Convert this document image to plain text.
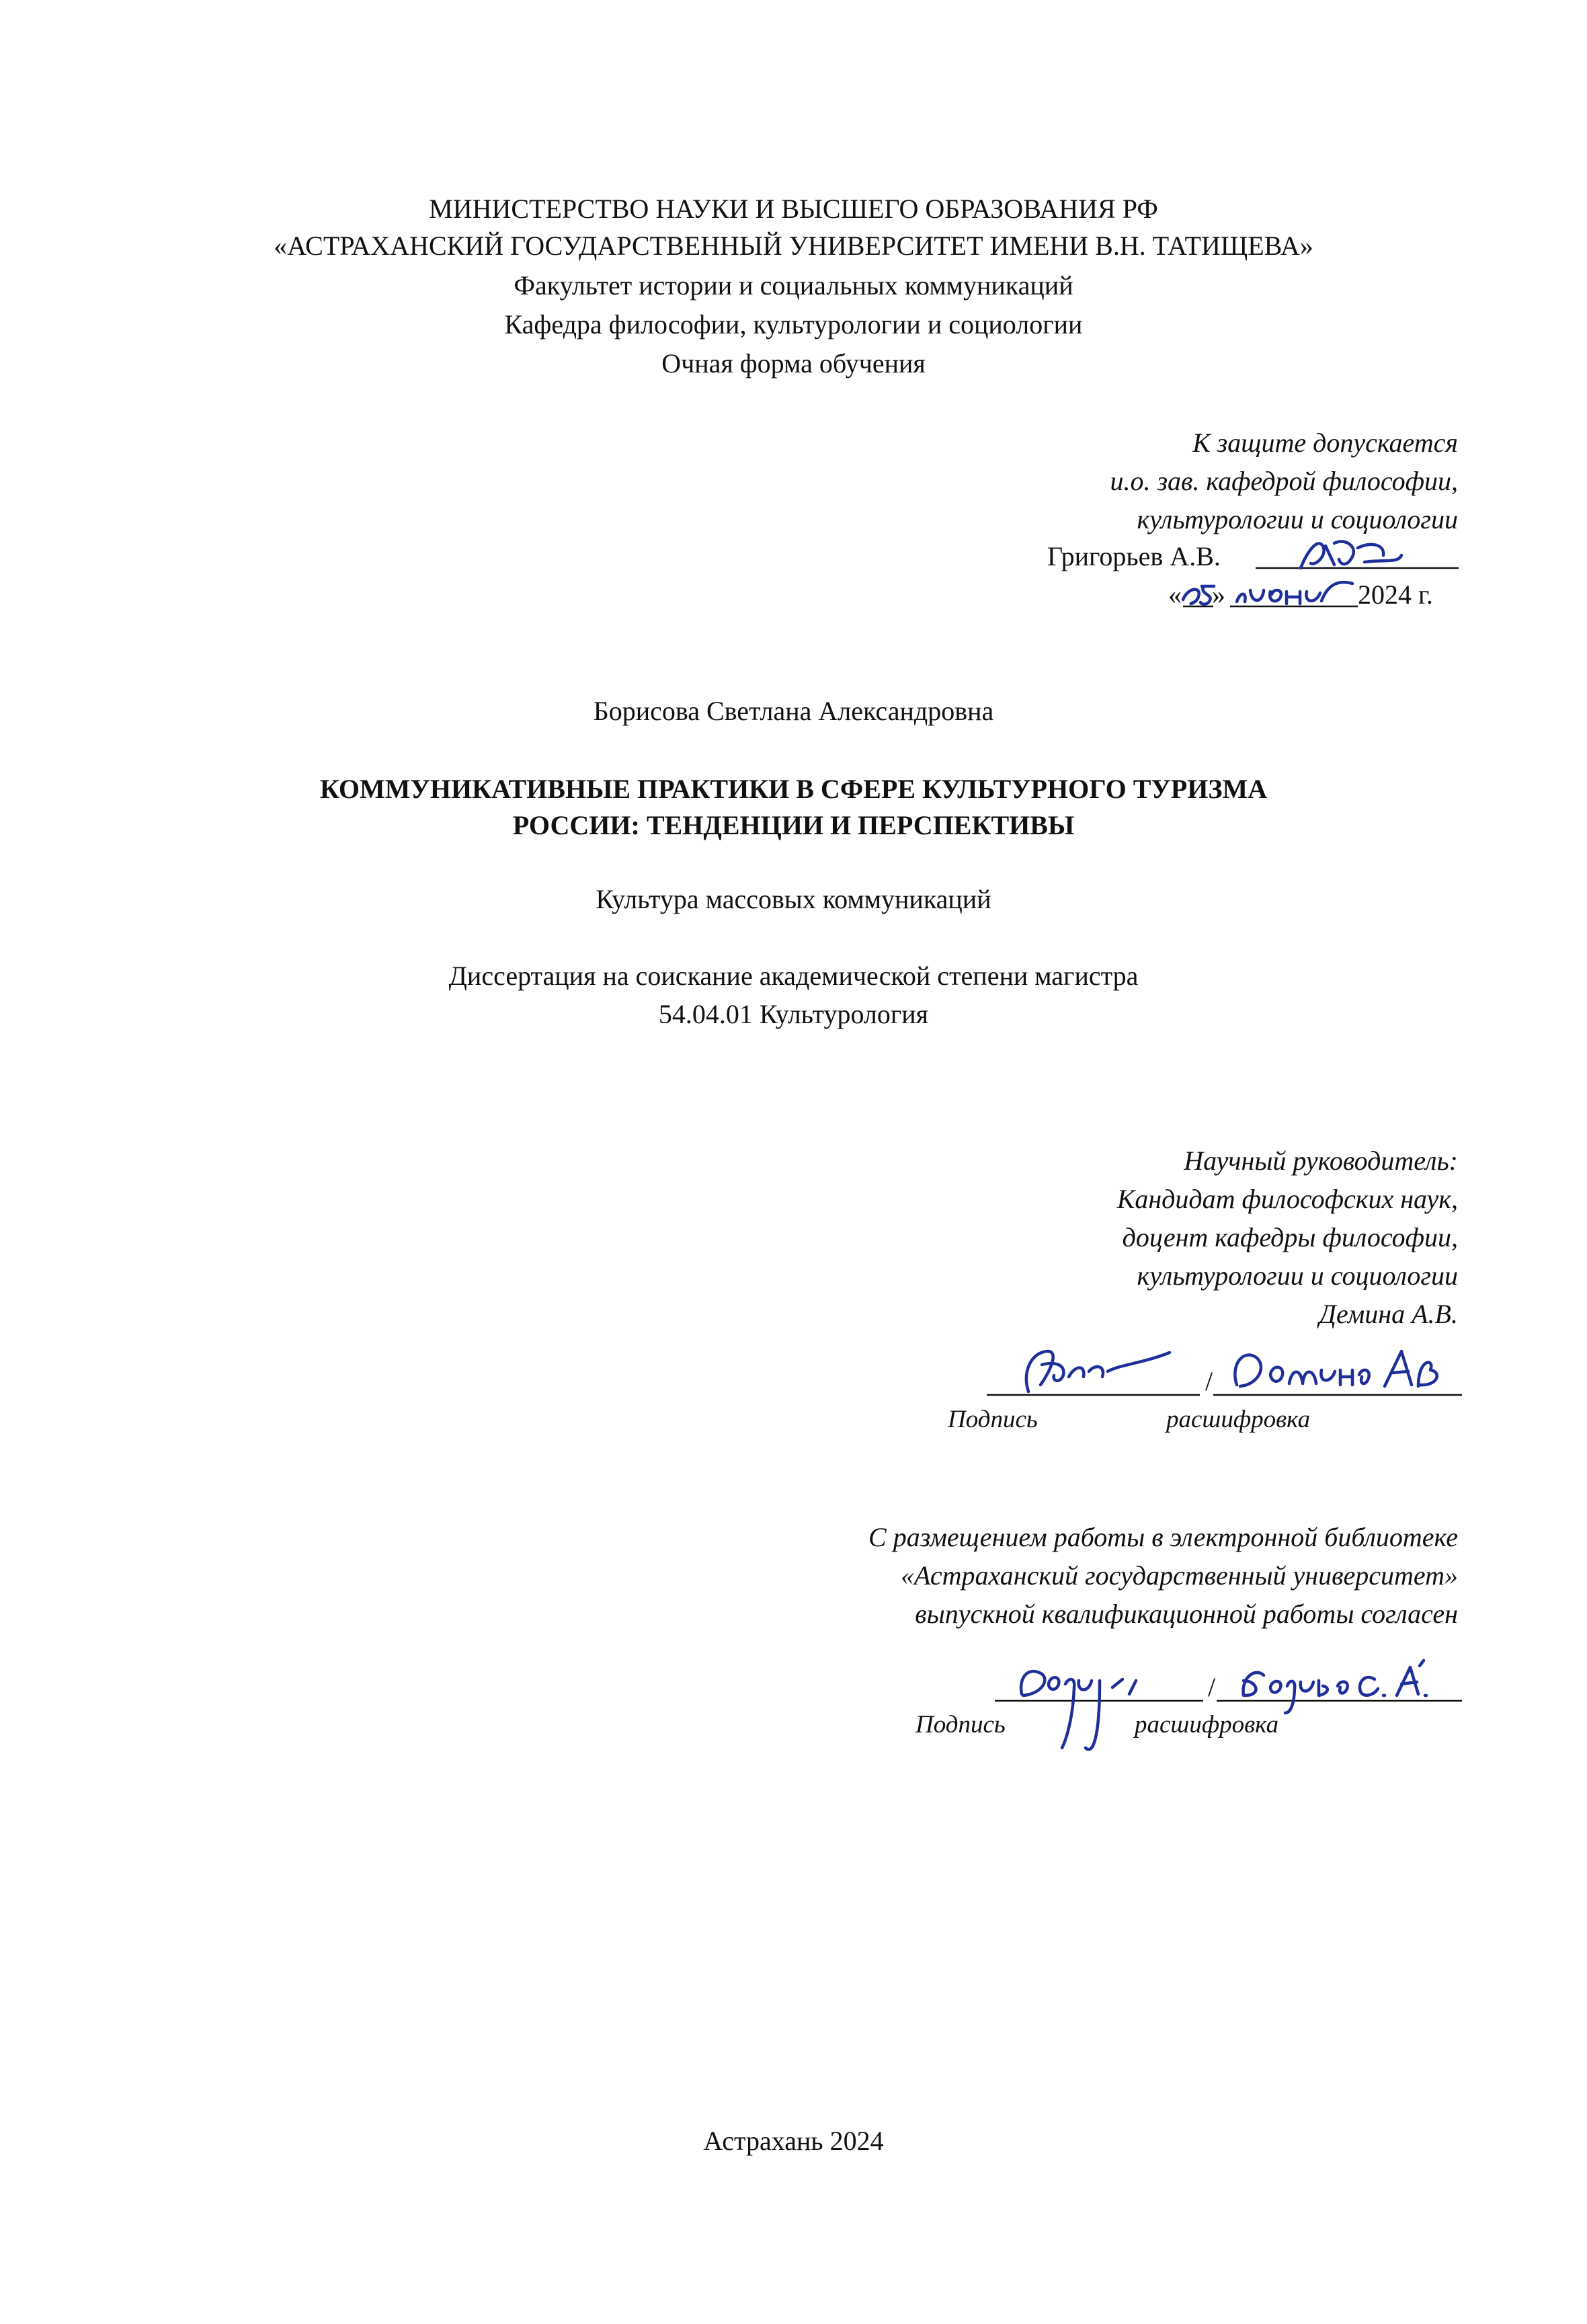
МИНИСТЕРСТВО НАУКИ И ВЫСШЕГО ОБРАЗОВАНИЯ РФ
«АСТРАХАНСКИЙ ГОСУДАРСТВЕННЫЙ УНИВЕРСИТЕТ ИМЕНИ В.Н. ТАТИЩЕВА»
Факультет истории и социальных коммуникаций
Кафедра философии, культурологии и социологии
Очная форма обучения
К защите допускается
и.о. зав. кафедрой философии,
культурологии и социологии
Григорьев А.В.
« »	2024 г.
Борисова Светлана Александровна
КОММУНИКАТИВНЫЕ ПРАКТИКИ В СФЕРЕ КУЛЬТУРНОГО ТУРИЗМА
РОССИИ: ТЕНДЕНЦИИ И ПЕРСПЕКТИВЫ
Культура массовых коммуникаций
Диссертация на соискание академической степени магистра
54.04.01 Культурология
Научный руководитель:
Кандидат философских наук,
доцент кафедры философии,
культурологии и социологии
Демина А.В.
Подпись	расшифровка
/
С размещением работы в электронной библиотеке
«Астраханский государственный университет»
выпускной квалификационной работы согласен
Подпись	расшифровка
/
Астрахань 2024
